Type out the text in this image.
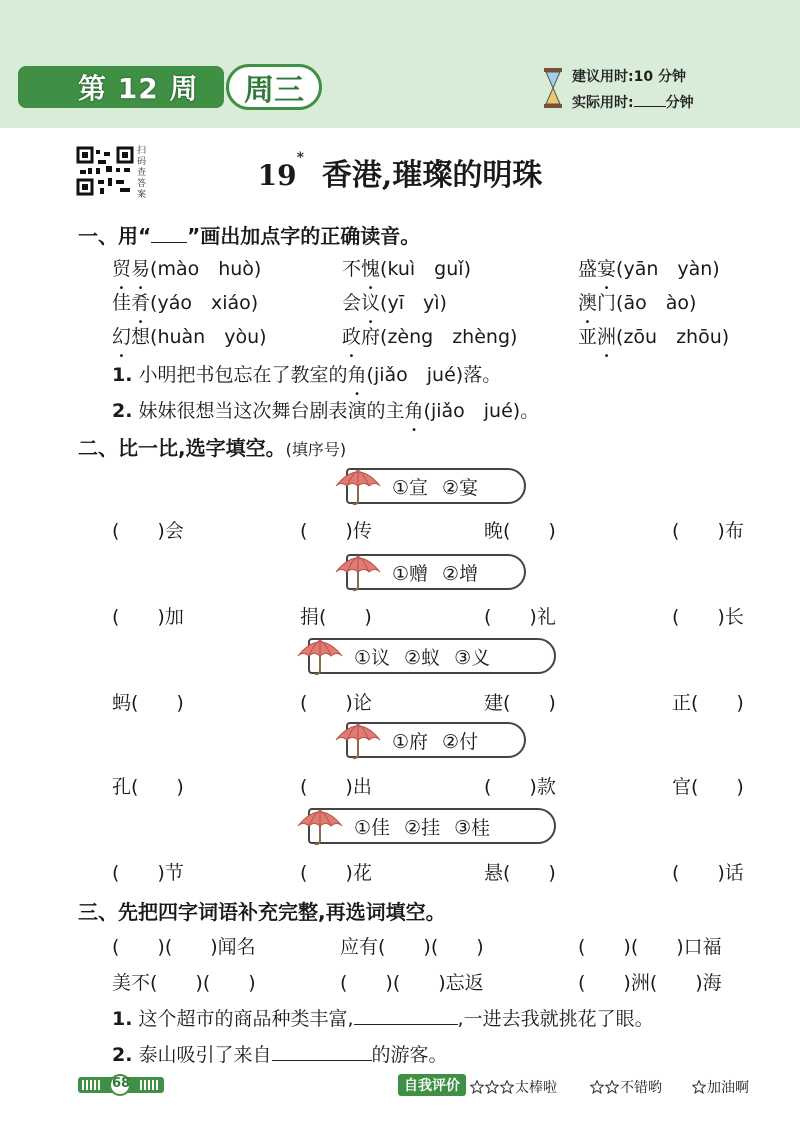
第 12 周	周三	建议用时:10 分钟
实际用时: 分钟
扫码查答案
19* 香港,璀璨的明珠
一、用“ ”画出加点字的正确读音。
贸易(mào　huò)	不愧(kuì　guǐ)	盛宴(yān　yàn)
佳肴(yáo　xiáo)	会议(yī　yì)	澳门(āo　ào)
幻想(huàn　yòu)	政府(zèng　zhèng)	亚洲(zōu　zhōu)
1. 小明把书包忘在了教室的角(jiǎo　jué)落。
2. 妹妹很想当这次舞台剧表演的主角(jiǎo　jué)。
二、比一比,选字填空。(填序号)
①宣 ②宴
(　　)会	(　　)传	晚(　　)	(　　)布
①赠 ②增
(　　)加	捐(　　)	(　　)礼	(　　)长
①议 ②蚁 ③义
蚂(　　)	(　　)论	建(　　)	正(　　)
①府 ②付
孔(　　)	(　　)出	(　　)款	官(　　)
①佳 ②挂 ③桂
(　　)节	(　　)花	悬(　　)	(　　)话
三、先把四字词语补充完整,再选词填空。
(　　)(　　)闻名	应有(　　)(　　)	(　　)(　　)口福
美不(　　)(　　)	(　　)(　　)忘返	(　　)洲(　　)海
1. 这个超市的商品种类丰富,	,一进去我就挑花了眼。
2. 泰山吸引了来自	的游客。
68	自我评价	太棒啦	不错哟	加油啊
